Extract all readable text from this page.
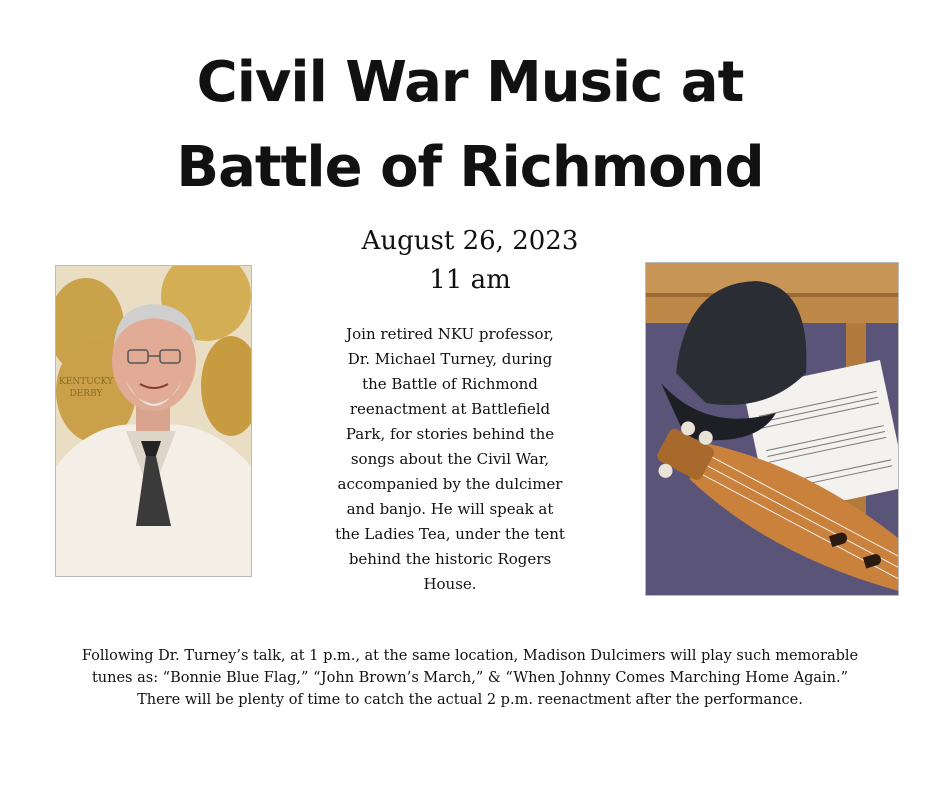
Civil War Music at
Battle of Richmond
August 26, 2023
11 am
KENTUCKY
DERBY
Join retired NKU professor,
Dr. Michael Turney, during
the Battle of Richmond
reenactment at Battlefield
Park, for stories behind the
songs about the Civil War,
accompanied by the dulcimer
and banjo. He will speak at
the Ladies Tea, under the tent
behind the historic Rogers
House.
Following Dr. Turney’s talk, at 1 p.m., at the same location, Madison Dulcimers will play such memorable
tunes as: “Bonnie Blue Flag,” “John Brown’s March,” & “When Johnny Comes Marching Home Again.”
There will be plenty of time to catch the actual 2 p.m. reenactment after the performance.
